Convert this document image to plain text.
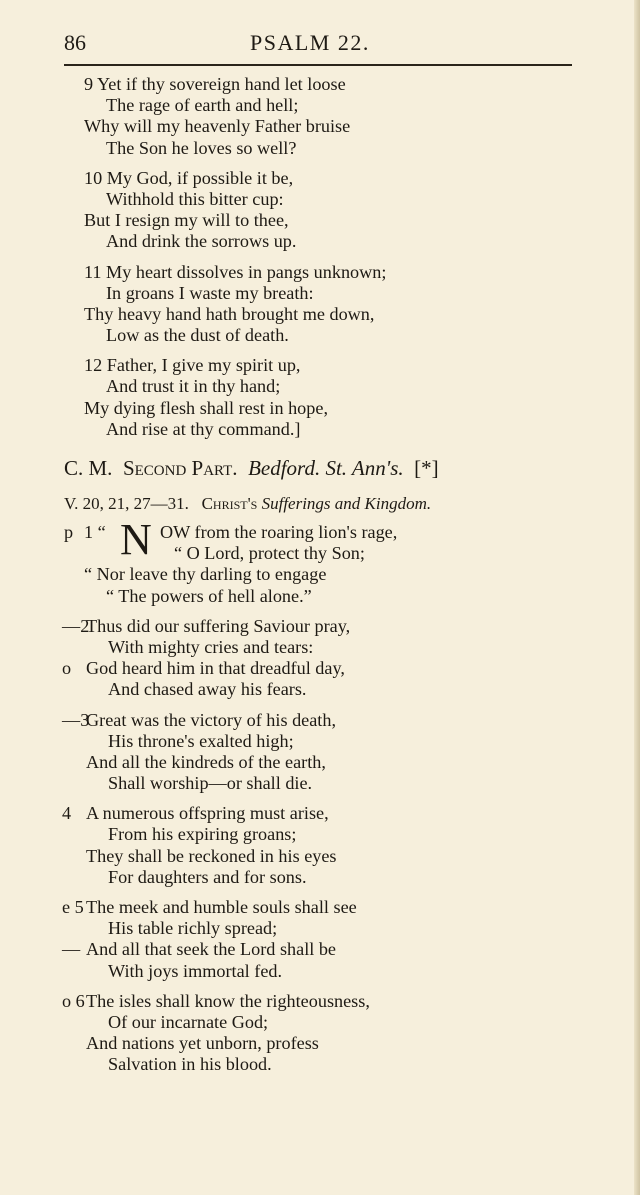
86	PSALM 22.
9 Yet if thy sovereign hand let loose
The rage of earth and hell;
Why will my heavenly Father bruise
The Son he loves so well?
10 My God, if possible it be,
Withhold this bitter cup:
But I resign my will to thee,
And drink the sorrows up.
11 My heart dissolves in pangs unknown;
In groans I waste my breath:
Thy heavy hand hath brought me down,
Low as the dust of death.
12 Father, I give my spirit up,
And trust it in thy hand;
My dying flesh shall rest in hope,
And rise at thy command.]
C. M. Second Part. Bedford. St. Ann's. [*]
V. 20, 21, 27—31. Christ's Sufferings and Kingdom.
p 1 “ N OW from the roaring lion's rage,
“ O Lord, protect thy Son;
“ Nor leave thy darling to engage
“ The powers of hell alone.”
—2
Thus did our suffering Saviour pray,
With mighty cries and tears:
o God heard him in that dreadful day,
And chased away his fears.
—3
Great was the victory of his death,
His throne's exalted high;
And all the kindreds of the earth,
Shall worship—or shall die.
4 A numerous offspring must arise,
From his expiring groans;
They shall be reckoned in his eyes
For daughters and for sons.
e 5 The meek and humble souls shall see
His table richly spread;
— And all that seek the Lord shall be
With joys immortal fed.
o 6 The isles shall know the righteousness,
Of our incarnate God;
And nations yet unborn, profess
Salvation in his blood.
